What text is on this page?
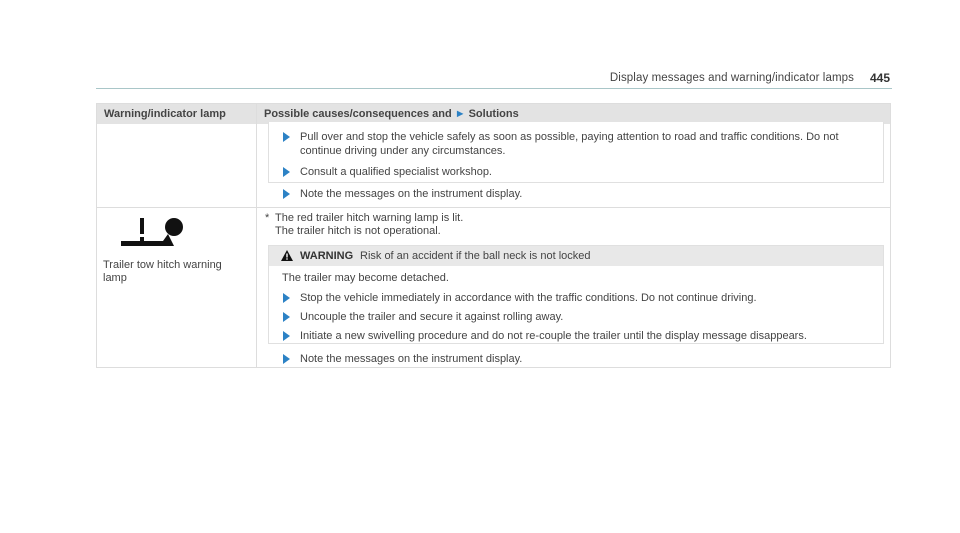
Display messages and warning/indicator lamps 445
Warning/indicator lamp	Possible causes/consequences and ► Solutions
Pull over and stop the vehicle safely as soon as possible, paying attention to road and traffic conditions. Do not
continue driving under any circumstances.
Consult a qualified specialist workshop.
Note the messages on the instrument display.
Trailer tow hitch warning
lamp
* The red trailer hitch warning lamp is lit.
The trailer hitch is not operational.
WARNING Risk of an accident if the ball neck is not locked
The trailer may become detached.
Stop the vehicle immediately in accordance with the traffic conditions. Do not continue driving.
Uncouple the trailer and secure it against rolling away.
Initiate a new swivelling procedure and do not re-couple the trailer until the display message disappears.
Note the messages on the instrument display.
